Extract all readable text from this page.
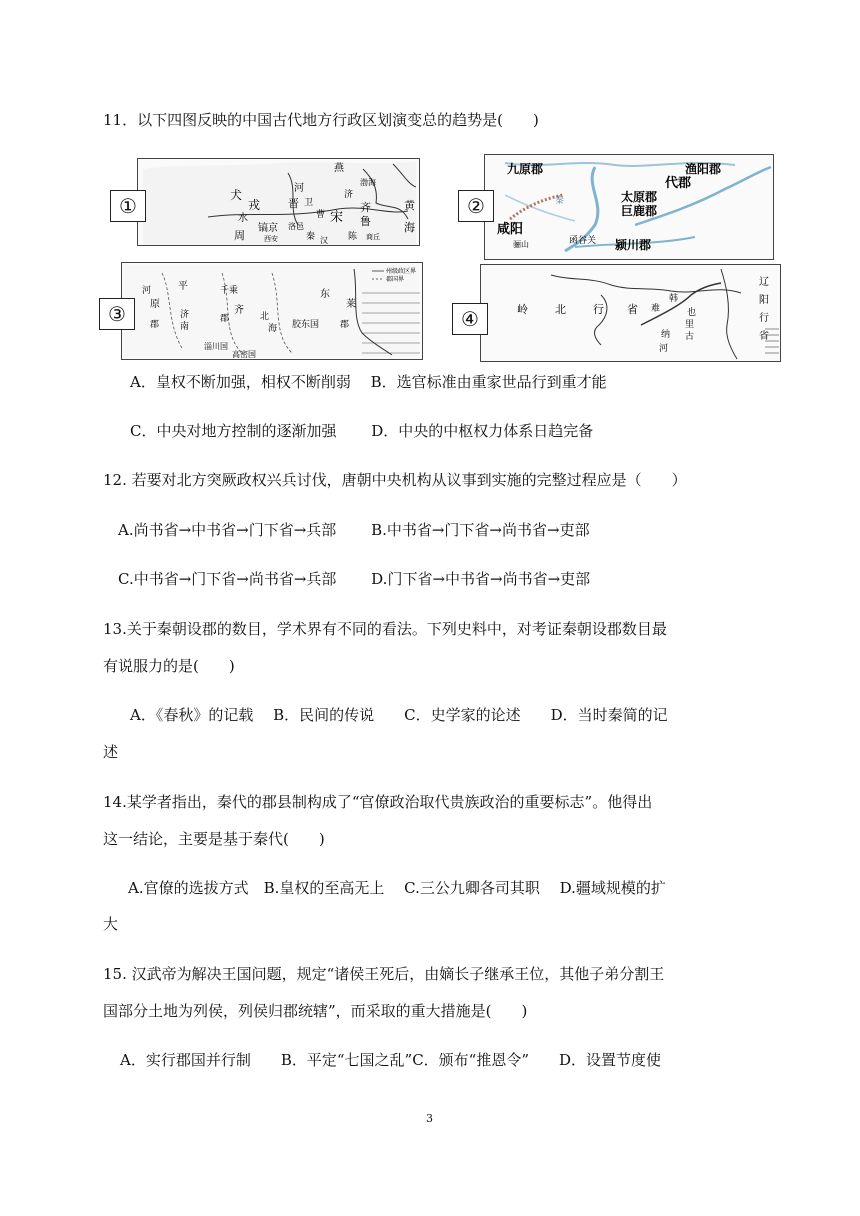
11．以下四图反映的中国古代地方行政区划演变总的趋势是(　　)
燕
河
渤海
犬
戎	晋 卫
济
曹
齐	黄
水	宋 鲁
周
镐京 洛邑
陈
海
西安	秦	商丘
汉
①
渔阳郡
九原郡
代郡
太原郡
巨鹿郡
咸阳
骊山	函谷关 颍川郡
秦
②
州级政区界
郡国界
平	千乘	东
莱
原
济	齐
郡
南
郡
北
海 胶东国
淄川国
高密国
河
郡
③
辽
阳
行
省
岭 北 行 省
韩
也
里
古
难
纳
河
④
A．皇权不断加强，相权不断削弱　 B．选官标准由重家世品行到重才能
C．中央对地方控制的逐渐加强　　 D．中央的中枢权力体系日趋完备
12. 若要对北方突厥政权兴兵讨伐，唐朝中央机构从议事到实施的完整过程应是（　　）
A.尚书省→中书省→门下省→兵部　　 B.中书省→门下省→尚书省→吏部
C.中书省→门下省→尚书省→兵部　　 D.门下省→中书省→尚书省→吏部
13.关于秦朝设郡的数目，学术界有不同的看法。下列史料中，对考证秦朝设郡数目最
有说服力的是(　　)
A．《春秋》的记载　 B．民间的传说　　C．史学家的论述　　D．当时秦简的记
述
14.某学者指出，秦代的郡县制构成了“官僚政治取代贵族政治的重要标志”。他得出
这一结论，主要是基于秦代(　　)
A.官僚的选拔方式　B.皇权的至高无上　 C.三公九卿各司其职　 D.疆域规模的扩
大
15. 汉武帝为解决王国问题，规定“诸侯王死后，由嫡长子继承王位，其他子弟分割王
国部分土地为列侯，列侯归郡统辖”，而采取的重大措施是(　　)
A．实行郡国并行制　　B．平定“七国之乱”C．颁布“推恩令”　　D．设置节度使
3
